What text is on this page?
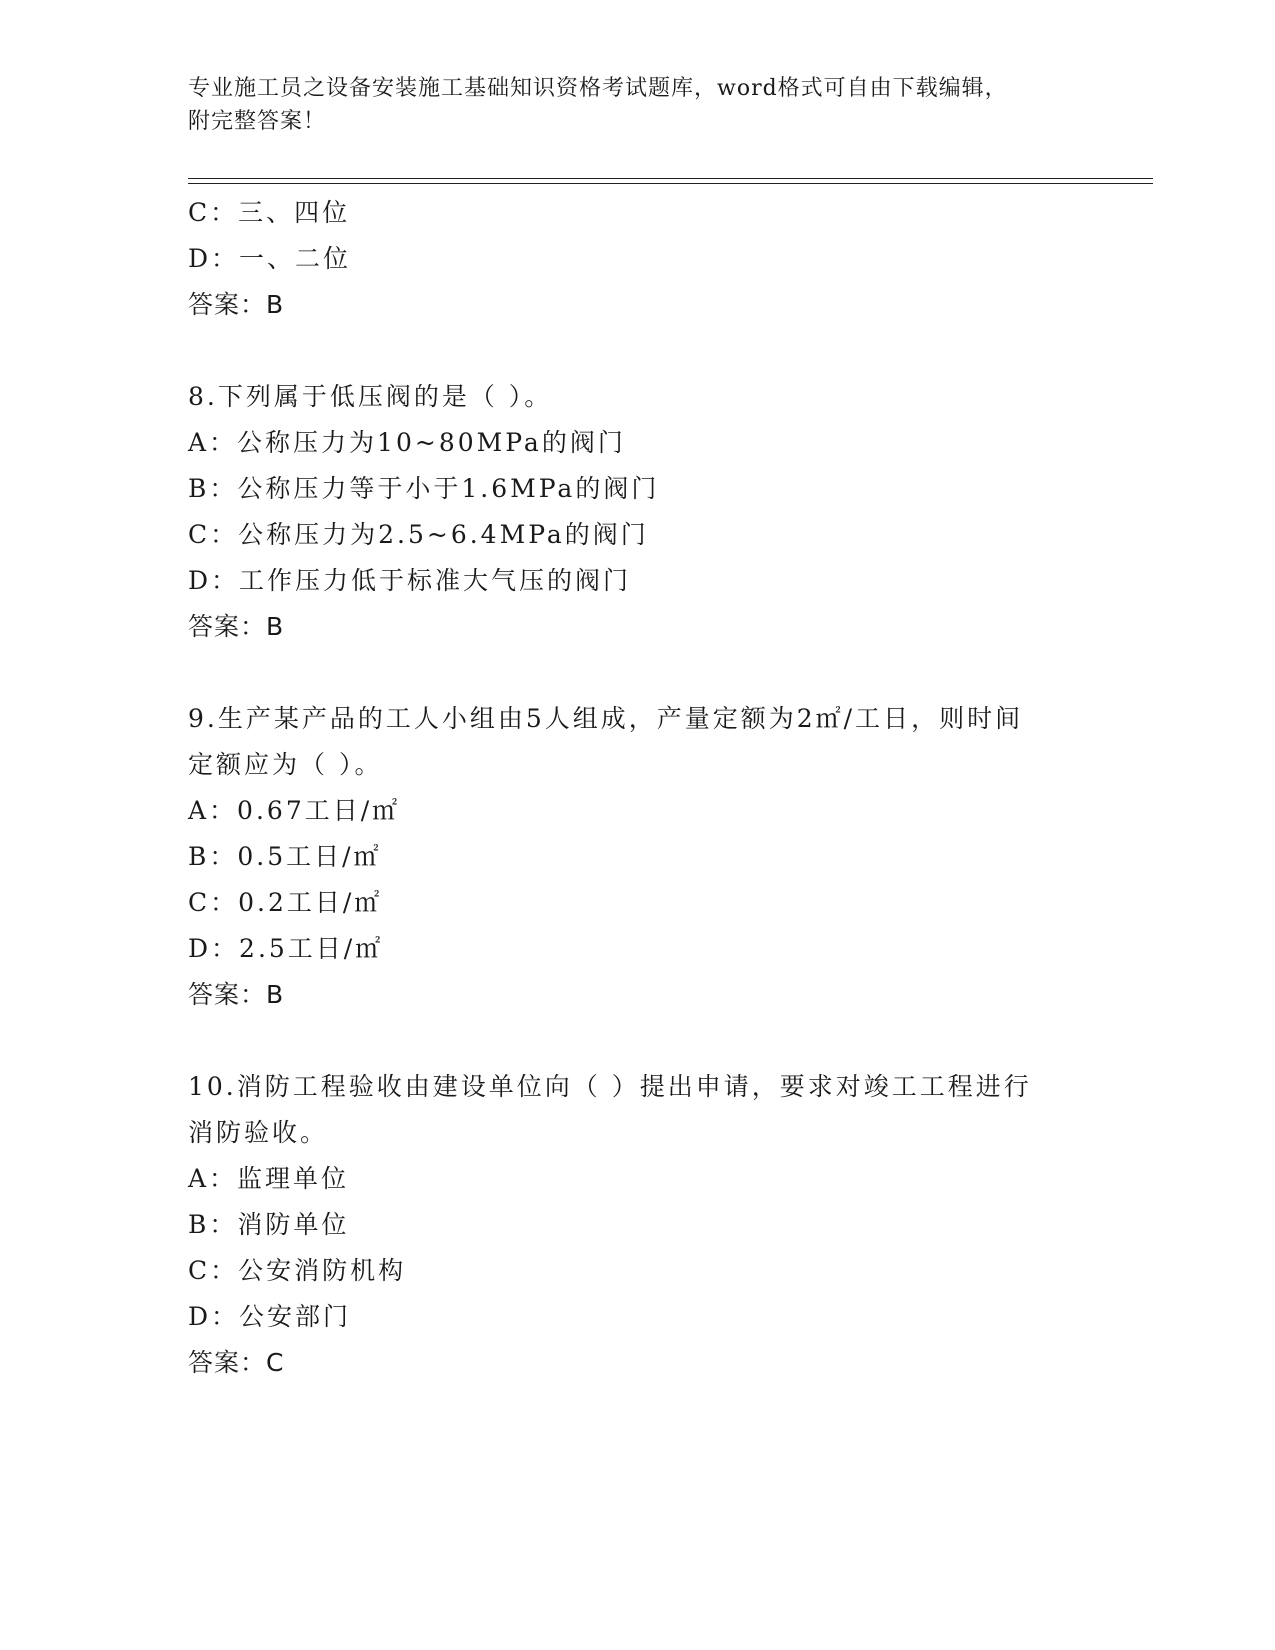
专业施工员之设备安装施工基础知识资格考试题库，word格式可自由下载编辑，
附完整答案！
C：三、四位
D：一、二位
答案：B
8.下列属于低压阀的是（ ）。
A：公称压力为10~80MPa的阀门
B：公称压力等于小于1.6MPa的阀门
C：公称压力为2.5~6.4MPa的阀门
D：工作压力低于标准大气压的阀门
答案：B
9.生产某产品的工人小组由5人组成，产量定额为2㎡/工日，则时间
定额应为（ ）。
A：0.67工日/㎡
B：0.5工日/㎡
C：0.2工日/㎡
D：2.5工日/㎡
答案：B
10.消防工程验收由建设单位向（ ）提出申请，要求对竣工工程进行
消防验收。
A：监理单位
B：消防单位
C：公安消防机构
D：公安部门
答案：C
